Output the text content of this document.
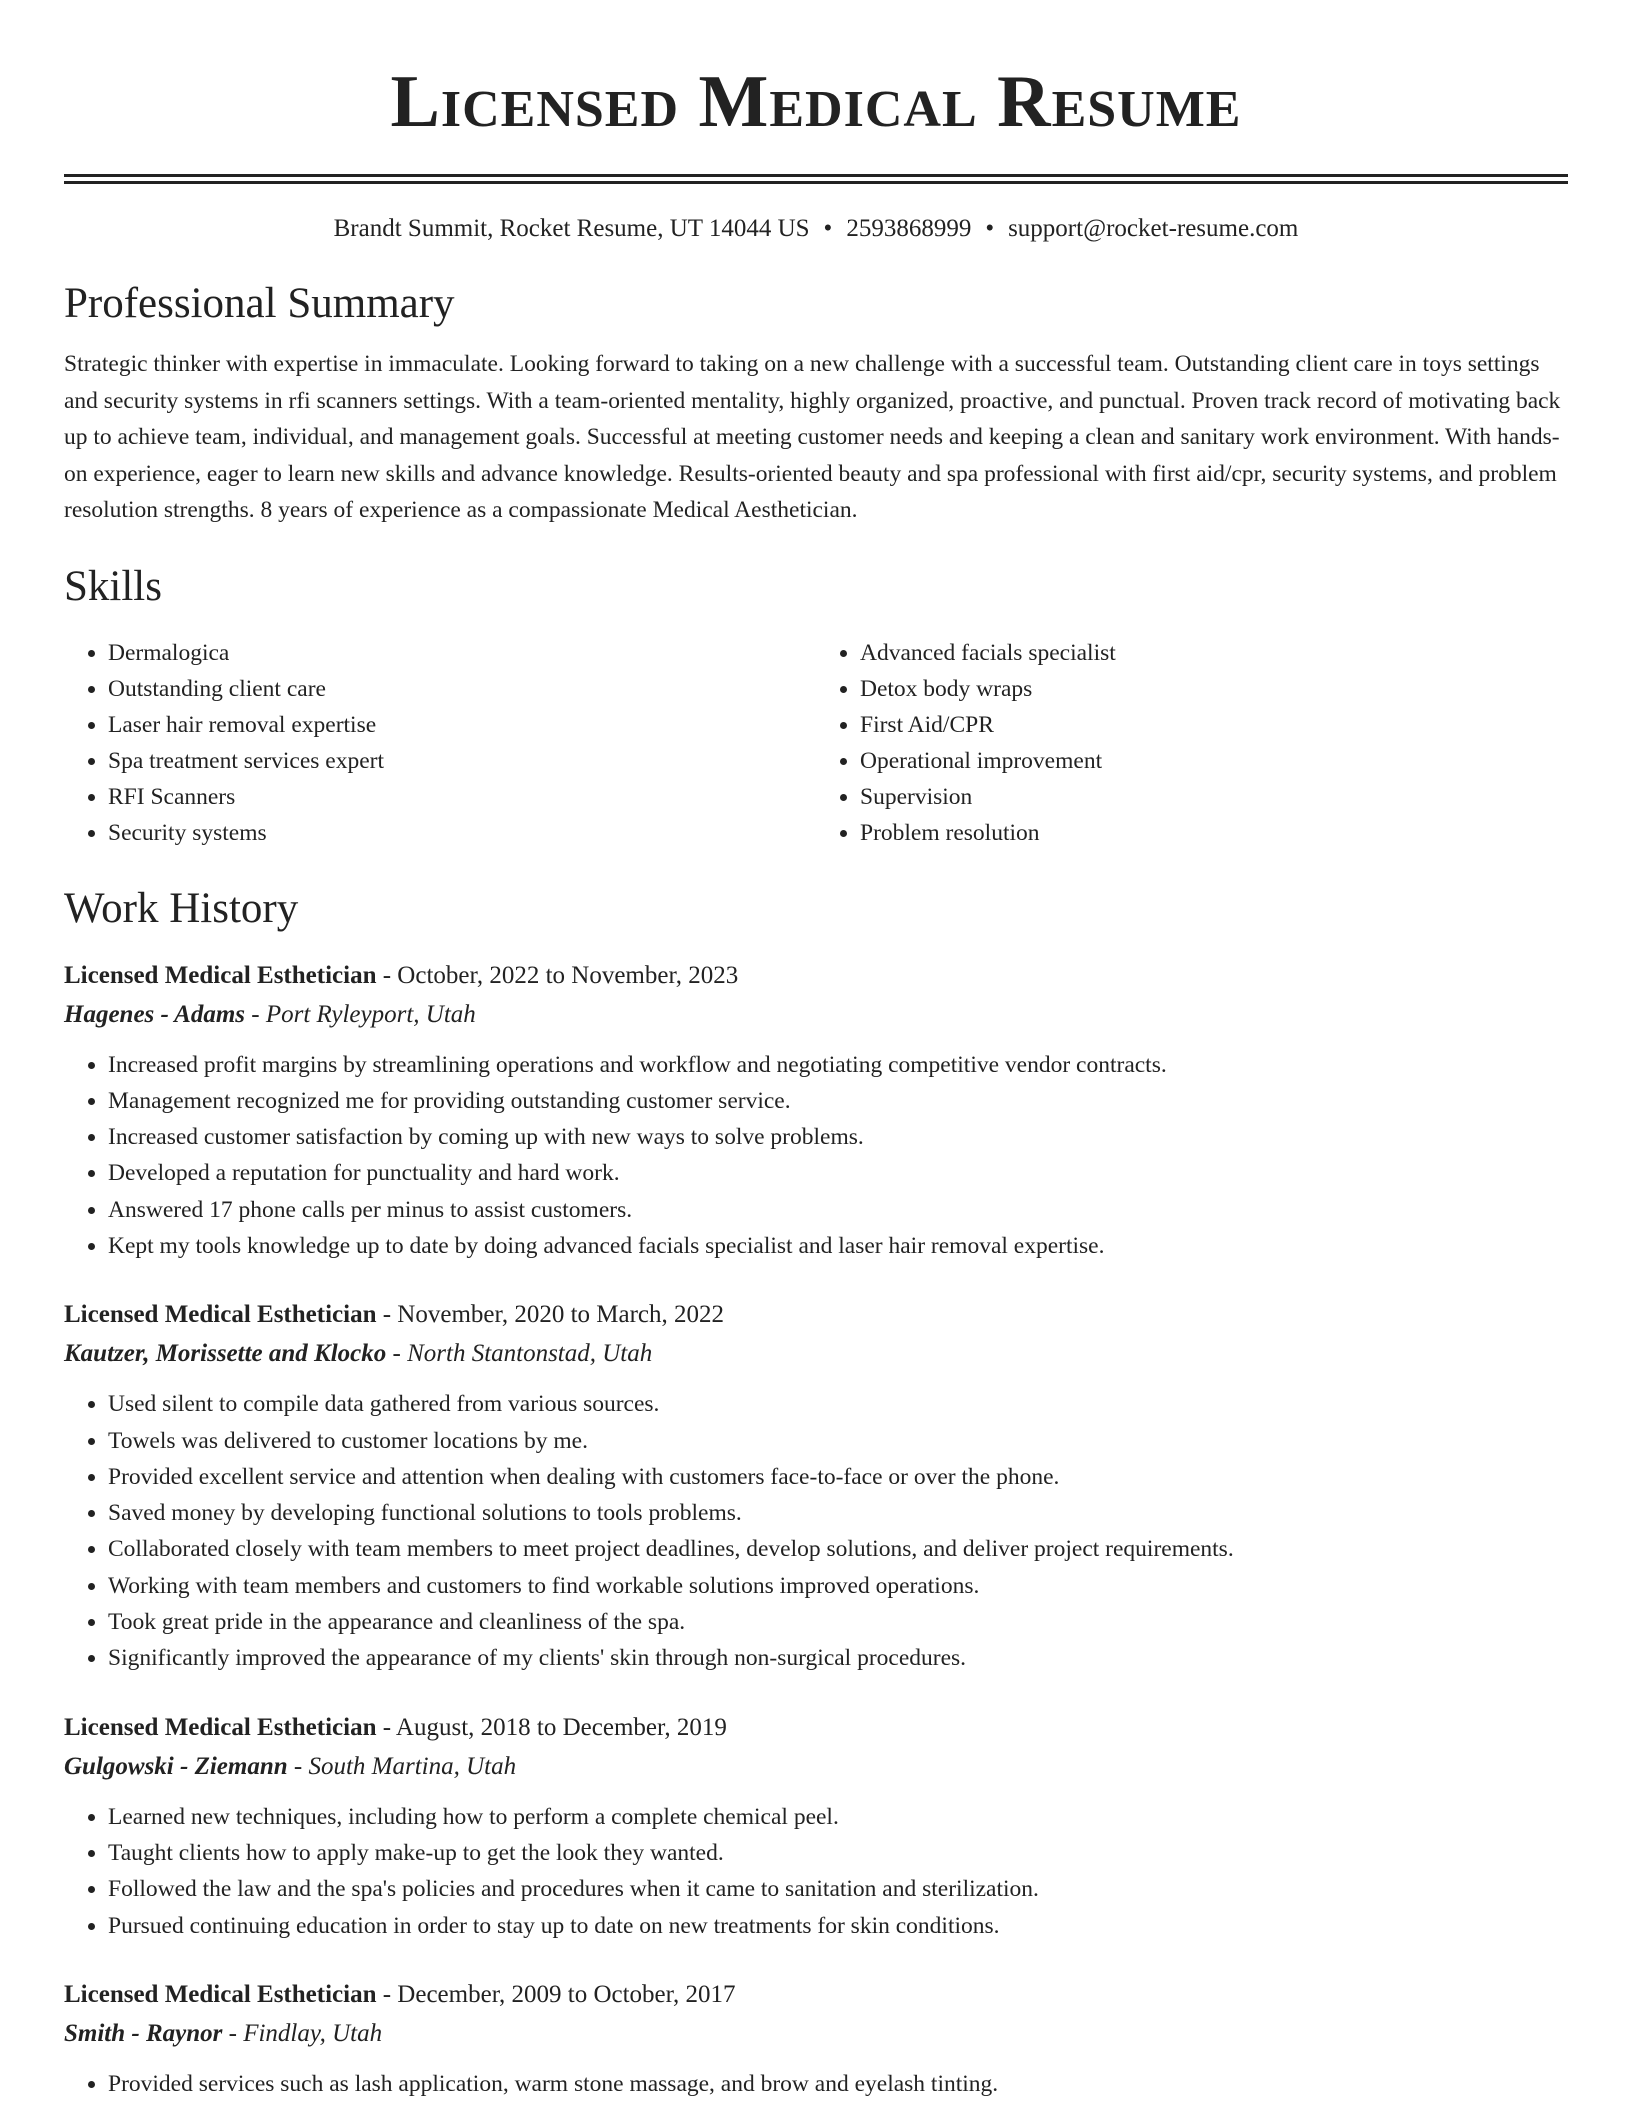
Licensed Medical Resume
Brandt Summit, Rocket Resume, UT 14044 US • 2593868999 • support@rocket-resume.com
Professional Summary

Strategic thinker with expertise in immaculate. Looking forward to taking on a new challenge with a successful team. Outstanding client care in toys settings and security systems in rfi scanners settings. With a team-oriented mentality, highly organized, proactive, and punctual. Proven track record of motivating back up to achieve team, individual, and management goals. Successful at meeting customer needs and keeping a clean and sanitary work environment. With hands-on experience, eager to learn new skills and advance knowledge. Results-oriented beauty and spa professional with first aid/cpr, security systems, and problem resolution strengths. 8 years of experience as a compassionate Medical Aesthetician.

Skills
• Dermalogica
• Outstanding client care
• Laser hair removal expertise
• Spa treatment services expert
• RFI Scanners
• Security systems
• Advanced facials specialist
• Detox body wraps
• First Aid/CPR
• Operational improvement
• Supervision
• Problem resolution
Work History
Licensed Medical Esthetician - October, 2022 to November, 2023
Hagenes - Adams - Port Ryleyport, Utah
• Increased profit margins by streamlining operations and workflow and negotiating competitive vendor contracts.
• Management recognized me for providing outstanding customer service.
• Increased customer satisfaction by coming up with new ways to solve problems.
• Developed a reputation for punctuality and hard work.
• Answered 17 phone calls per minus to assist customers.
• Kept my tools knowledge up to date by doing advanced facials specialist and laser hair removal expertise.
Licensed Medical Esthetician - November, 2020 to March, 2022
Kautzer, Morissette and Klocko - North Stantonstad, Utah
• Used silent to compile data gathered from various sources.
• Towels was delivered to customer locations by me.
• Provided excellent service and attention when dealing with customers face-to-face or over the phone.
• Saved money by developing functional solutions to tools problems.
• Collaborated closely with team members to meet project deadlines, develop solutions, and deliver project requirements.
• Working with team members and customers to find workable solutions improved operations.
• Took great pride in the appearance and cleanliness of the spa.
• Significantly improved the appearance of my clients' skin through non-surgical procedures.
Licensed Medical Esthetician - August, 2018 to December, 2019
Gulgowski - Ziemann - South Martina, Utah
• Learned new techniques, including how to perform a complete chemical peel.
• Taught clients how to apply make-up to get the look they wanted.
• Followed the law and the spa's policies and procedures when it came to sanitation and sterilization.
• Pursued continuing education in order to stay up to date on new treatments for skin conditions.
Licensed Medical Esthetician - December, 2009 to October, 2017
Smith - Raynor - Findlay, Utah
• Provided services such as lash application, warm stone massage, and brow and eyelash tinting.
